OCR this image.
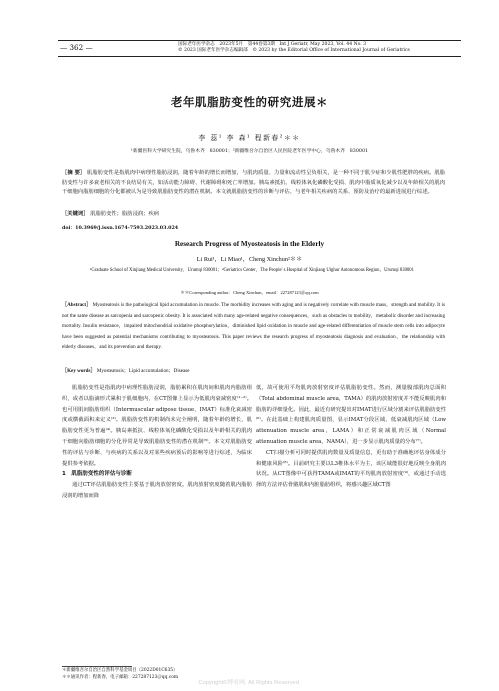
— 362 —	国际老年医学杂志　2023年5月　第44卷第3期　Int J Geriatr, May 2023, Vol. 44 No. 3
© 2023 国际老年医学杂志编辑部　© 2023 by the Editorial Office of International Journal of Geriatrics
老年肌脂肪变性的研究进展＊
李 蕊¹ 李 森¹ 程新春²＊＊
¹新疆医科大学研究生院，乌鲁木齐　830001；²新疆维吾尔自治区人民医院老年医学中心，乌鲁木齐　830001
［摘 要］ 肌脂肪变性是指肌肉中病理性脂肪浸润，随着年龄的增长而增加，与肌肉质量、力量和流动性呈负相关，是一种不同于肌少症和少肌性肥胖的疾病。肌脂肪变性与许多衰老相关的不良结局有关，如活动能力障碍、代谢障碍和死亡率增加。胰岛素抵抗、线粒体氧化磷酸化受损、肌肉中脂质氧化减少以及年龄相关的肌肉干细胞向脂肪细胞的分化都被认为是导致肌脂肪变性的潜在机制。本文就肌脂肪变性的诊断与评估、与老年相关疾病的关系、预防及治疗的最新进展进行综述。
［关键词］ 肌脂肪变性；脂肪浸润；疾病
doi：10.3969/j.issn.1674-7593.2023.03.024
Research Progress of Myosteatosis in the Elderly
Li Rui¹，Li Miao¹，Cheng Xinchun²＊＊
¹Graduate School of Xinjiang Medical University，Urumqi 830001；²Geriatrics Center，The People' s Hospital of Xinjiang Uighur Autonomous Region，Urumqi 830001
＊＊Corresponding author：Cheng Xinchun，email：227287123＠qq.com
［Abstract］ Myosteatosis is the pathological lipid accumulation in muscle. The morbidity increases with aging and is negatively correlate with muscle mass，strength and mobility. It is not the same disease as sarcopenia and sarcopenic obesity. It is associated with many age-related negative consequences，such as obstacles to mobility，metabolic disorder and increasing mortality. Insulin resistance，impaired mitochondrial oxidative phosphorylation，diminished lipid oxidation in muscle and age-related differentiation of muscle stem cells into adipocyte have been suggested as potential mechanisms contributing to myosteatosis. This paper reviews the research progress of myosteatosis diagnosis and evaluation，the relationship with elderly diseases，and its prevention and therapy.
［Key words］ Myosteatosis；Lipid accumulation；Disease

肌脂肪变性是指肌肉中病理性脂肪浸润，脂肪累积在肌肉间和肌肉内脂肪组织，或者以脂滴形式累积于肌细胞内，在CT图像上显示为低肌肉衰减密度⁽¹⁻²⁾。也可用肌间脂肪组织（Intermuscular adipose tissue，IMAT）标准化衰减密度或横截面积来定义⁽³⁾。肌脂肪变性的机制尚未完全阐明，随着年龄的增长，肌脂肪变性更为普遍⁽⁴⁾。胰岛素抵抗、线粒体氧化磷酸化受损以及年龄相关的肌肉干细胞向脂肪细胞的分化异常是导致肌脂肪变性的潜在机制⁽⁵⁾。本文对肌脂肪变性的评估与诊断、与疾病的关系以及对某些疾病预后的影响等进行综述，为临床提供参考依据。

1　肌脂肪变性的评估与诊断

通过CT评估肌脂肪变性主要基于肌肉放射密度。肌肉放射密度随着肌内脂肪浸润的增加而降

低，故可使用平均肌肉放射密度评估肌脂肪变性。然而，测量腹部肌肉总面积（Total abdominal muscle area，TAMA）的肌肉放射密度并不能反映肌肉和脂肪的详细量化。因此，最近有研究提出对IMAT进行区域分割来评估肌脂肪变性⁽⁶⁾。在此基础上构建肌肉质量图，显示IMAT分段区域、低衰减肌肉区域（Low attenuation muscle area，LAMA）和正常衰减肌肉区域（Normal attenuation muscle area，NAMA），进一步显示肌肉质量的分布⁽⁷⁾。

CT扫描分析可同时提供肌肉数量及质量信息，更有助于准确地评估身体成分和健康风险⁽⁸⁾。目前研究主要以L3椎体水平为主，该区域能很好地反映全身肌肉状况。从CT图像中可获得TAMA或IMAT的平均肌肉放射密度⁽⁹⁾，或通过手动选择的方法评估骨骼肌和内脏脂肪组织，将感兴趣区域CT图

＊新疆维吾尔自治区自然科学基金项目（2022D01C635）
＊＊通讯作者：程新春，电子邮箱：227287123＠qq.com
Copyright©博看网. All Rights Reserved.
